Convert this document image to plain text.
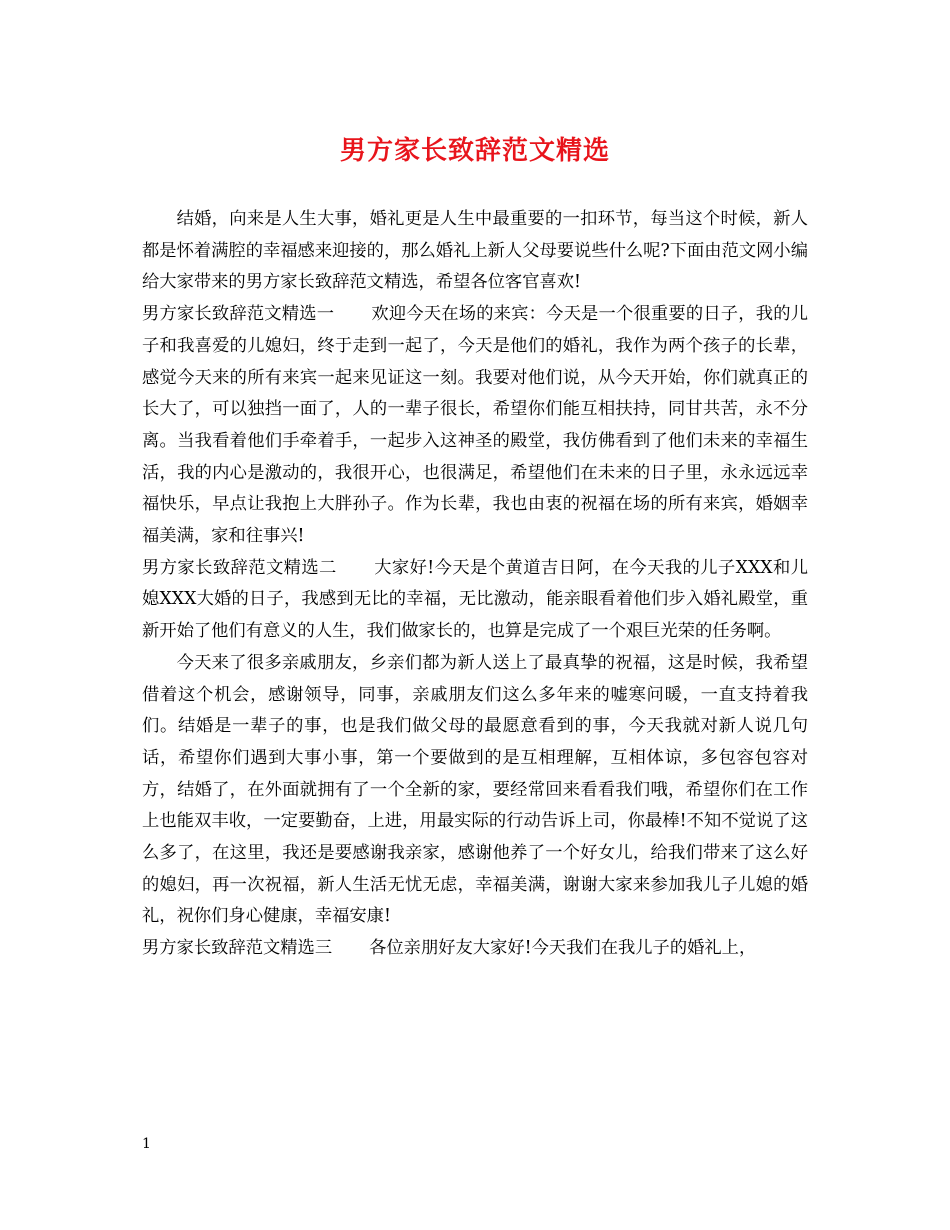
男方家长致辞范文精选

结婚，向来是人生大事，婚礼更是人生中最重要的一扣环节，每当这个时候，新人都是怀着满腔的幸福感来迎接的，那么婚礼上新人父母要说些什么呢?下面由范文网小编给大家带来的男方家长致辞范文精选，希望各位客官喜欢!

男方家长致辞范文精选一 欢迎今天在场的来宾：今天是一个很重要的日子，我的儿子和我喜爱的儿媳妇，终于走到一起了，今天是他们的婚礼，我作为两个孩子的长辈，感觉今天来的所有来宾一起来见证这一刻。我要对他们说，从今天开始，你们就真正的长大了，可以独挡一面了，人的一辈子很长，希望你们能互相扶持，同甘共苦，永不分离。当我看着他们手牵着手，一起步入这神圣的殿堂，我仿佛看到了他们未来的幸福生活，我的内心是激动的，我很开心，也很满足，希望他们在未来的日子里，永永远远幸福快乐，早点让我抱上大胖孙子。作为长辈，我也由衷的祝福在场的所有来宾，婚姻幸福美满，家和往事兴!

男方家长致辞范文精选二 大家好!今天是个黄道吉日阿，在今天我的儿子XXX和儿媳XXX大婚的日子，我感到无比的幸福，无比激动，能亲眼看着他们步入婚礼殿堂，重新开始了他们有意义的人生，我们做家长的，也算是完成了一个艰巨光荣的任务啊。

今天来了很多亲戚朋友，乡亲们都为新人送上了最真挚的祝福，这是时候，我希望借着这个机会，感谢领导，同事，亲戚朋友们这么多年来的嘘寒问暖，一直支持着我们。结婚是一辈子的事，也是我们做父母的最愿意看到的事，今天我就对新人说几句话，希望你们遇到大事小事，第一个要做到的是互相理解，互相体谅，多包容包容对方，结婚了，在外面就拥有了一个全新的家，要经常回来看看我们哦，希望你们在工作上也能双丰收，一定要勤奋，上进，用最实际的行动告诉上司，你最棒!不知不觉说了这么多了，在这里，我还是要感谢我亲家，感谢他养了一个好女儿，给我们带来了这么好的媳妇，再一次祝福，新人生活无忧无虑，幸福美满，谢谢大家来参加我儿子儿媳的婚礼，祝你们身心健康，幸福安康!

男方家长致辞范文精选三 各位亲朋好友大家好!今天我们在我儿子的婚礼上，

1
